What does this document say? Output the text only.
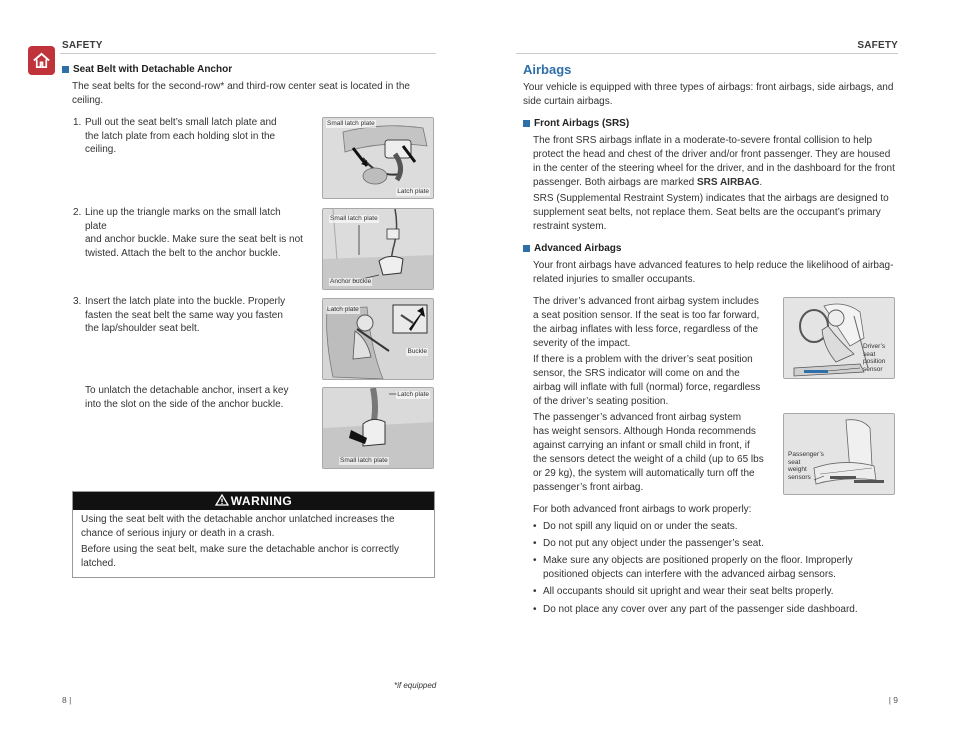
SAFETY
Seat Belt with Detachable Anchor
The seat belts for the second-row* and third-row center seat is located in the
ceiling.
1. Pull out the seat belt’s small latch plate and
the latch plate from each holding slot in the
ceiling.
2. Line up the triangle marks on the small latch plate
and anchor buckle. Make sure the seat belt is not
twisted. Attach the belt to the anchor buckle.
3. Insert the latch plate into the buckle. Properly
fasten the seat belt the same way you fasten
the lap/shoulder seat belt.
To unlatch the detachable anchor, insert a key
into the slot on the side of the anchor buckle.
Small latch plate
Latch plate
Small latch plate
Anchor buckle
Latch plate
Buckle
Latch plate
Small latch plate
WARNING
Using the seat belt with the detachable anchor unlatched increases the
chance of serious injury or death in a crash.
Before using the seat belt, make sure the detachable anchor is correctly
latched.
*if equipped
8 |
SAFETY
| 9
Airbags
Your vehicle is equipped with three types of airbags: front airbags, side airbags, and
side curtain airbags.
Front Airbags (SRS)
The front SRS airbags inflate in a moderate-to-severe frontal collision to help
protect the head and chest of the driver and/or front passenger. They are housed
in the center of the steering wheel for the driver, and in the dashboard for the front
passenger. Both airbags are marked SRS AIRBAG.
SRS (Supplemental Restraint System) indicates that the airbags are designed to
supplement seat belts, not replace them. Seat belts are the occupant’s primary
restraint system.
Advanced Airbags
Your front airbags have advanced features to help reduce the likelihood of airbag-
related injuries to smaller occupants.
The driver’s advanced front airbag system includes
a seat position sensor. If the seat is too far forward,
the airbag inflates with less force, regardless of the
severity of the impact.
If there is a problem with the driver’s seat position
sensor, the SRS indicator will come on and the
airbag will inflate with full (normal) force, regardless
of the driver’s seating position.
The passenger’s advanced front airbag system
has weight sensors. Although Honda recommends
against carrying an infant or small child in front, if
the sensors detect the weight of a child (up to 65 lbs
or 29 kg), the system will automatically turn off the
passenger’s front airbag.
Driver’s
seat
position
sensor
Passenger’s
seat
weight
sensors
For both advanced front airbags to work properly:
• Do not spill any liquid on or under the seats.
• Do not put any object under the passenger’s seat.
• Make sure any objects are positioned properly on the floor. Improperly
positioned objects can interfere with the advanced airbag sensors.
• All occupants should sit upright and wear their seat belts properly.
• Do not place any cover over any part of the passenger side dashboard.
